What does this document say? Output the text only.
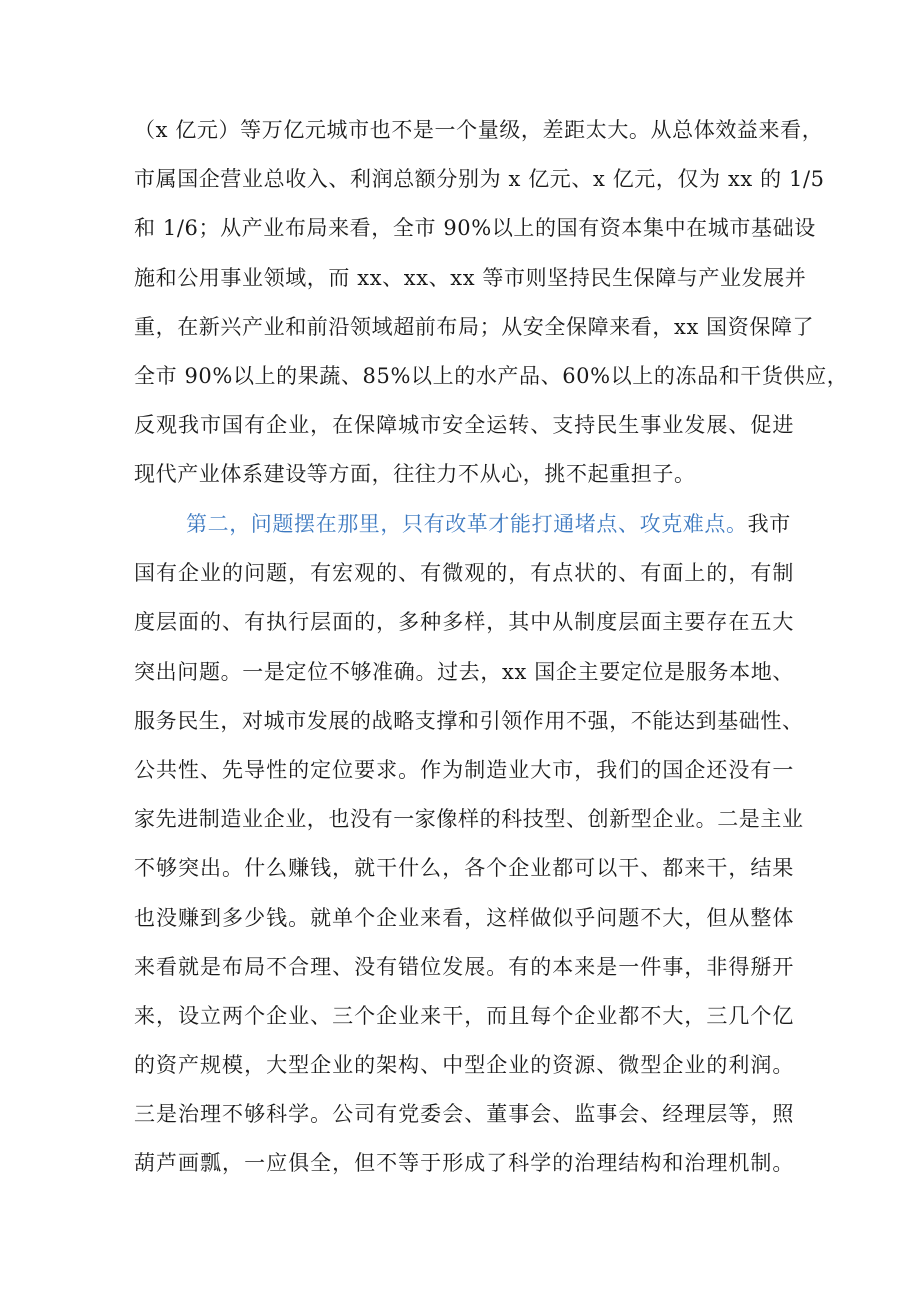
（x 亿元）等万亿元城市也不是一个量级，差距太大。从总体效益来看，
市属国企营业总收入、利润总额分别为 x 亿元、x 亿元，仅为 xx 的 1/5
和 1/6；从产业布局来看，全市 90%以上的国有资本集中在城市基础设
施和公用事业领域，而 xx、xx、xx 等市则坚持民生保障与产业发展并
重，在新兴产业和前沿领域超前布局；从安全保障来看，xx 国资保障了
全市 90%以上的果蔬、85%以上的水产品、60%以上的冻品和干货供应，
反观我市国有企业，在保障城市安全运转、支持民生事业发展、促进
现代产业体系建设等方面，往往力不从心，挑不起重担子。
第二，问题摆在那里，只有改革才能打通堵点、攻克难点。我市
国有企业的问题，有宏观的、有微观的，有点状的、有面上的，有制
度层面的、有执行层面的，多种多样，其中从制度层面主要存在五大
突出问题。一是定位不够准确。过去，xx 国企主要定位是服务本地、
服务民生，对城市发展的战略支撑和引领作用不强，不能达到基础性、
公共性、先导性的定位要求。作为制造业大市，我们的国企还没有一
家先进制造业企业，也没有一家像样的科技型、创新型企业。二是主业
不够突出。什么赚钱，就干什么，各个企业都可以干、都来干，结果
也没赚到多少钱。就单个企业来看，这样做似乎问题不大，但从整体
来看就是布局不合理、没有错位发展。有的本来是一件事，非得掰开
来，设立两个企业、三个企业来干，而且每个企业都不大，三几个亿
的资产规模，大型企业的架构、中型企业的资源、微型企业的利润。
三是治理不够科学。公司有党委会、董事会、监事会、经理层等，照
葫芦画瓢，一应俱全，但不等于形成了科学的治理结构和治理机制。
